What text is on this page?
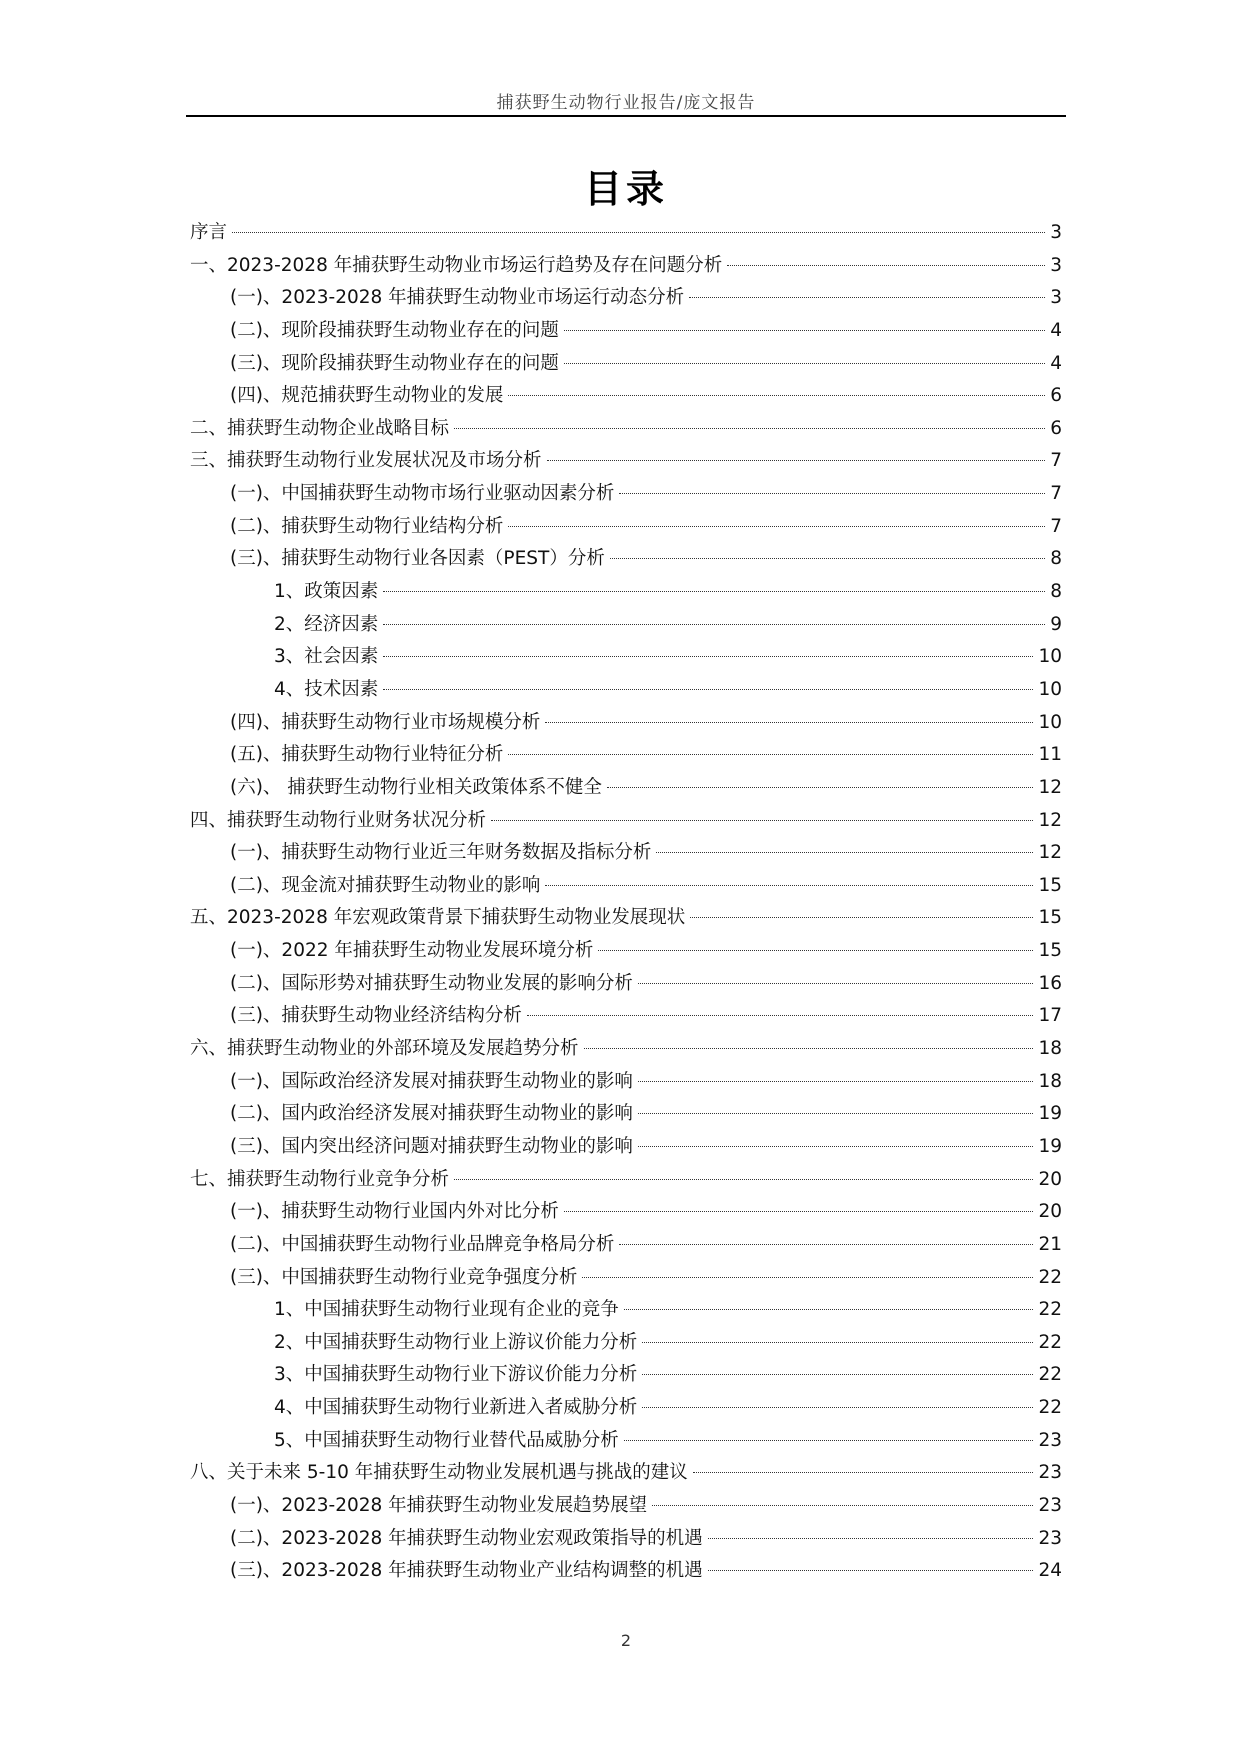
捕获野生动物行业报告/庞文报告
目录
序言	3
一、2023-2028 年捕获野生动物业市场运行趋势及存在问题分析	3
(一)、2023-2028 年捕获野生动物业市场运行动态分析	3
(二)、现阶段捕获野生动物业存在的问题	4
(三)、现阶段捕获野生动物业存在的问题	4
(四)、规范捕获野生动物业的发展	6
二、捕获野生动物企业战略目标	6
三、捕获野生动物行业发展状况及市场分析	7
(一)、中国捕获野生动物市场行业驱动因素分析	7
(二)、捕获野生动物行业结构分析	7
(三)、捕获野生动物行业各因素（PEST）分析	8
1、政策因素	8
2、经济因素	9
3、社会因素	10
4、技术因素	10
(四)、捕获野生动物行业市场规模分析	10
(五)、捕获野生动物行业特征分析	11
(六)、 捕获野生动物行业相关政策体系不健全	12
四、捕获野生动物行业财务状况分析	12
(一)、捕获野生动物行业近三年财务数据及指标分析	12
(二)、现金流对捕获野生动物业的影响	15
五、2023-2028 年宏观政策背景下捕获野生动物业发展现状	15
(一)、2022 年捕获野生动物业发展环境分析	15
(二)、国际形势对捕获野生动物业发展的影响分析	16
(三)、捕获野生动物业经济结构分析	17
六、捕获野生动物业的外部环境及发展趋势分析	18
(一)、国际政治经济发展对捕获野生动物业的影响	18
(二)、国内政治经济发展对捕获野生动物业的影响	19
(三)、国内突出经济问题对捕获野生动物业的影响	19
七、捕获野生动物行业竞争分析	20
(一)、捕获野生动物行业国内外对比分析	20
(二)、中国捕获野生动物行业品牌竞争格局分析	21
(三)、中国捕获野生动物行业竞争强度分析	22
1、中国捕获野生动物行业现有企业的竞争	22
2、中国捕获野生动物行业上游议价能力分析	22
3、中国捕获野生动物行业下游议价能力分析	22
4、中国捕获野生动物行业新进入者威胁分析	22
5、中国捕获野生动物行业替代品威胁分析	23
八、关于未来 5-10 年捕获野生动物业发展机遇与挑战的建议	23
(一)、2023-2028 年捕获野生动物业发展趋势展望	23
(二)、2023-2028 年捕获野生动物业宏观政策指导的机遇	23
(三)、2023-2028 年捕获野生动物业产业结构调整的机遇	24
2
